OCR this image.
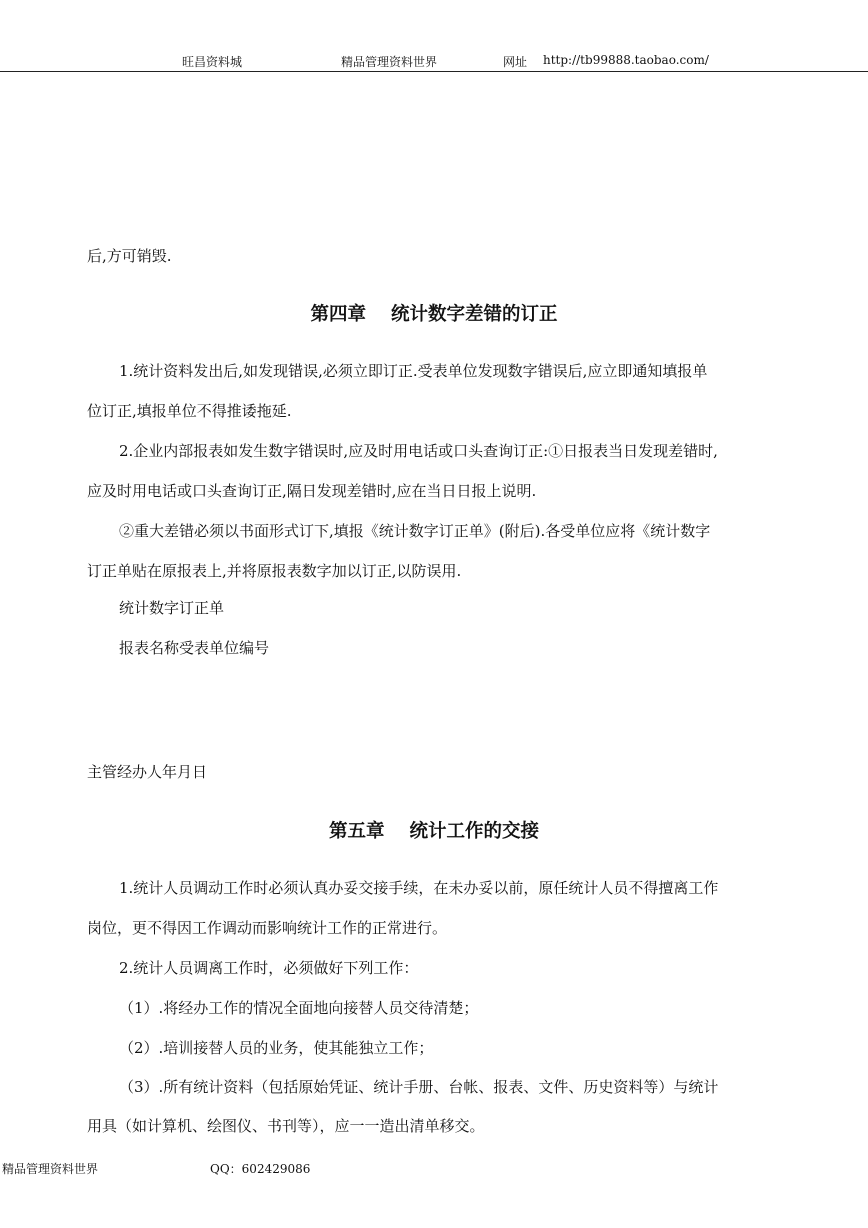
旺昌资料城	精品管理资料世界	网址 http://tb99888.taobao.com/
后,方可销毁.
第四章　 统计数字差错的订正
1.统计资料发出后,如发现错误,必须立即订正.受表单位发现数字错误后,应立即通知填报单
位订正,填报单位不得推诿拖延.
2.企业内部报表如发生数字错误时,应及时用电话或口头查询订正:①日报表当日发现差错时,
应及时用电话或口头查询订正,隔日发现差错时,应在当日日报上说明.
②重大差错必须以书面形式订下,填报《统计数字订正单》(附后).各受单位应将《统计数字
订正单贴在原报表上,并将原报表数字加以订正,以防误用.
统计数字订正单
报表名称受表单位编号
主管经办人年月日
第五章　 统计工作的交接
1.统计人员调动工作时必须认真办妥交接手续，在未办妥以前，原任统计人员不得擅离工作
岗位，更不得因工作调动而影响统计工作的正常进行。
2.统计人员调离工作时，必须做好下列工作：
（1）.将经办工作的情况全面地向接替人员交待清楚；
（2）.培训接替人员的业务，使其能独立工作；
（3）.所有统计资料（包括原始凭证、统计手册、台帐、报表、文件、历史资料等）与统计
用具（如计算机、绘图仪、书刊等），应一一造出清单移交。
精品管理资料世界	QQ：602429086
